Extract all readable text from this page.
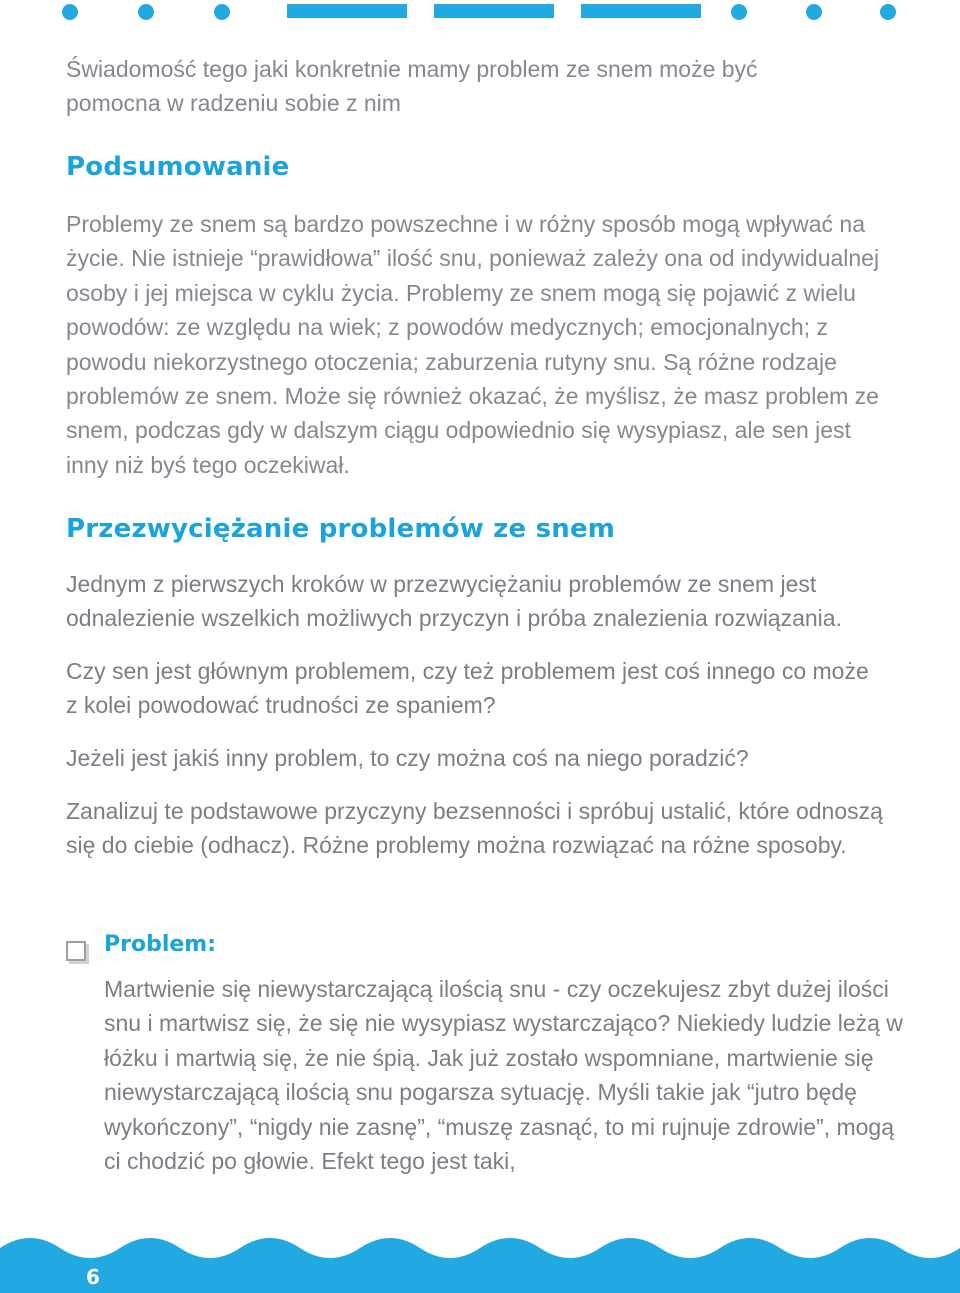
Świadomość tego jaki konkretnie mamy problem ze snem może być pomocna w radzeniu sobie z nim

Podsumowanie

Problemy ze snem są bardzo powszechne i w różny sposób mogą wpływać na życie. Nie istnieje “prawidłowa” ilość snu, ponieważ zależy ona od indywidualnej osoby i jej miejsca w cyklu życia. Problemy ze snem mogą się pojawić z wielu powodów: ze względu na wiek; z powodów medycznych; emocjonalnych; z powodu niekorzystnego otoczenia; zaburzenia rutyny snu. Są różne rodzaje problemów ze snem. Może się również okazać, że myślisz, że masz problem ze snem, podczas gdy w dalszym ciągu odpowiednio się wysypiasz, ale sen jest inny niż byś tego oczekiwał.

Przezwyciężanie problemów ze snem

Jednym z pierwszych kroków w przezwyciężaniu problemów ze snem jest odnalezienie wszelkich możliwych przyczyn i próba znalezienia rozwiązania.

Czy sen jest głównym problemem, czy też problemem jest coś innego co może z kolei powodować trudności ze spaniem?

Jeżeli jest jakiś inny problem, to czy można coś na niego poradzić?

Zanalizuj te podstawowe przyczyny bezsenności i spróbuj ustalić, które odnoszą się do ciebie (odhacz). Różne problemy można rozwiązać na różne sposoby.

Problem:

Martwienie się niewystarczającą ilością snu - czy oczekujesz zbyt dużej ilości snu i martwisz się, że się nie wysypiasz wystarczająco? Niekiedy ludzie leżą w łóżku i martwią się, że nie śpią. Jak już zostało wspomniane, martwienie się niewystarczającą ilością snu pogarsza sytuację. Myśli takie jak “jutro będę wykończony”, “nigdy nie zasnę”, “muszę zasnąć, to mi rujnuje zdrowie”, mogą ci chodzić po głowie. Efekt tego jest taki,

6
